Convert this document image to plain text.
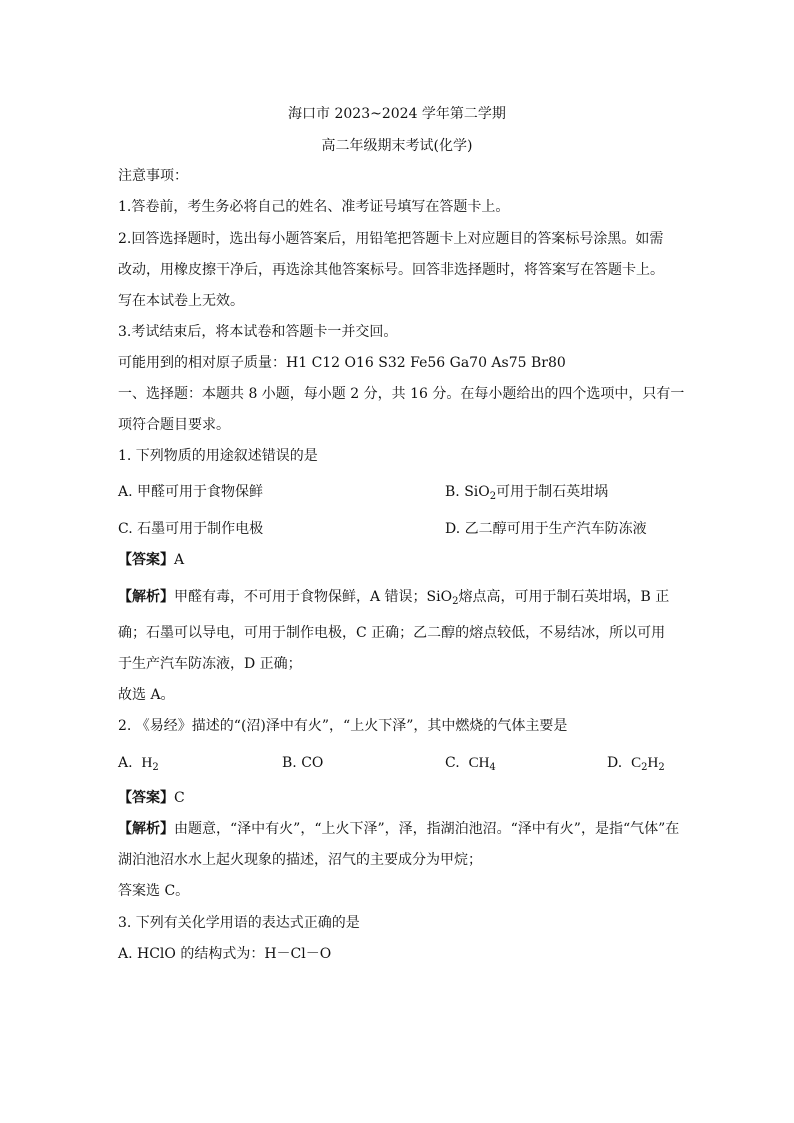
海口市 2023~2024 学年第二学期
高二年级期末考试(化学)
注意事项：
1.答卷前，考生务必将自己的姓名、准考证号填写在答题卡上。
2.回答选择题时，选出每小题答案后，用铅笔把答题卡上对应题目的答案标号涂黑。如需
改动，用橡皮擦干净后，再选涂其他答案标号。回答非选择题时，将答案写在答题卡上。
写在本试卷上无效。
3.考试结束后，将本试卷和答题卡一并交回。
可能用到的相对原子质量：H1 C12 O16 S32 Fe56 Ga70 As75 Br80
一、选择题：本题共 8 小题，每小题 2 分，共 16 分。在每小题给出的四个选项中，只有一
项符合题目要求。
1. 下列物质的用途叙述错误的是
A. 甲醛可用于食物保鲜	B. SiO$_2$可用于制石英坩埚
C. 石墨可用于制作电极	D. 乙二醇可用于生产汽车防冻液
【答案】A
【解析】甲醛有毒，不可用于食物保鲜，A 错误；SiO$_2$熔点高，可用于制石英坩埚，B 正
确；石墨可以导电，可用于制作电极，C 正确；乙二醇的熔点较低，不易结冰，所以可用
于生产汽车防冻液，D 正确；
故选 A。
2. 《易经》描述的“(沼)泽中有火”，“上火下泽”，其中燃烧的气体主要是
A. $H_2$	B. CO	C. $CH_4$	D. $C_2H_2$
【答案】C
【解析】由题意，“泽中有火”，“上火下泽”，泽，指湖泊池沼。“泽中有火”，是指“气体”在
湖泊池沼水水上起火现象的描述，沼气的主要成分为甲烷；
答案选 C。
3. 下列有关化学用语的表达式正确的是
A. HClO 的结构式为：H－Cl－O
